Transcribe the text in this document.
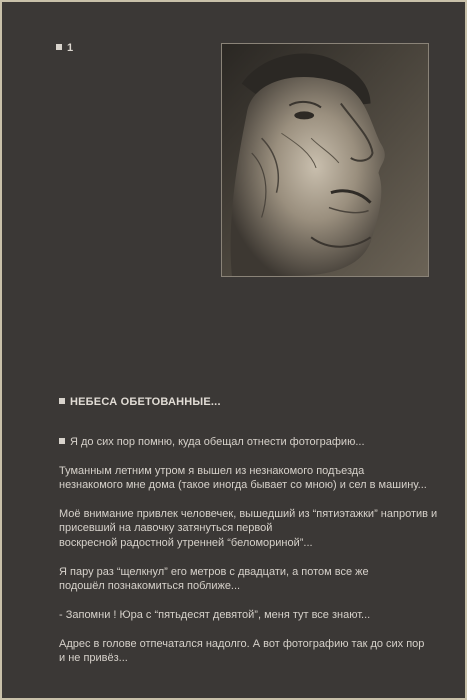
1
НЕБЕСА ОБЕТОВАННЫЕ...

Я до сих пор помню, куда обещал отнести фотографию...

Туманным летним утром я вышел из незнакомого подъезда
незнакомого мне дома (такое иногда бывает со мною) и сел в машину...

Моё внимание привлек человечек, вышедший из “пятиэтажки” напротив и
присевший на лавочку затянуться первой
воскресной радостной утренней “беломориной”...

Я пару раз “щелкнул” его метров с двадцати, а потом все же
подошёл познакомиться поближе...

- Запомни ! Юра с “пятьдесят девятой”, меня тут все знают...

Адрес в голове отпечатался надолго. А вот фотографию так до сих пор
и не привёз...
